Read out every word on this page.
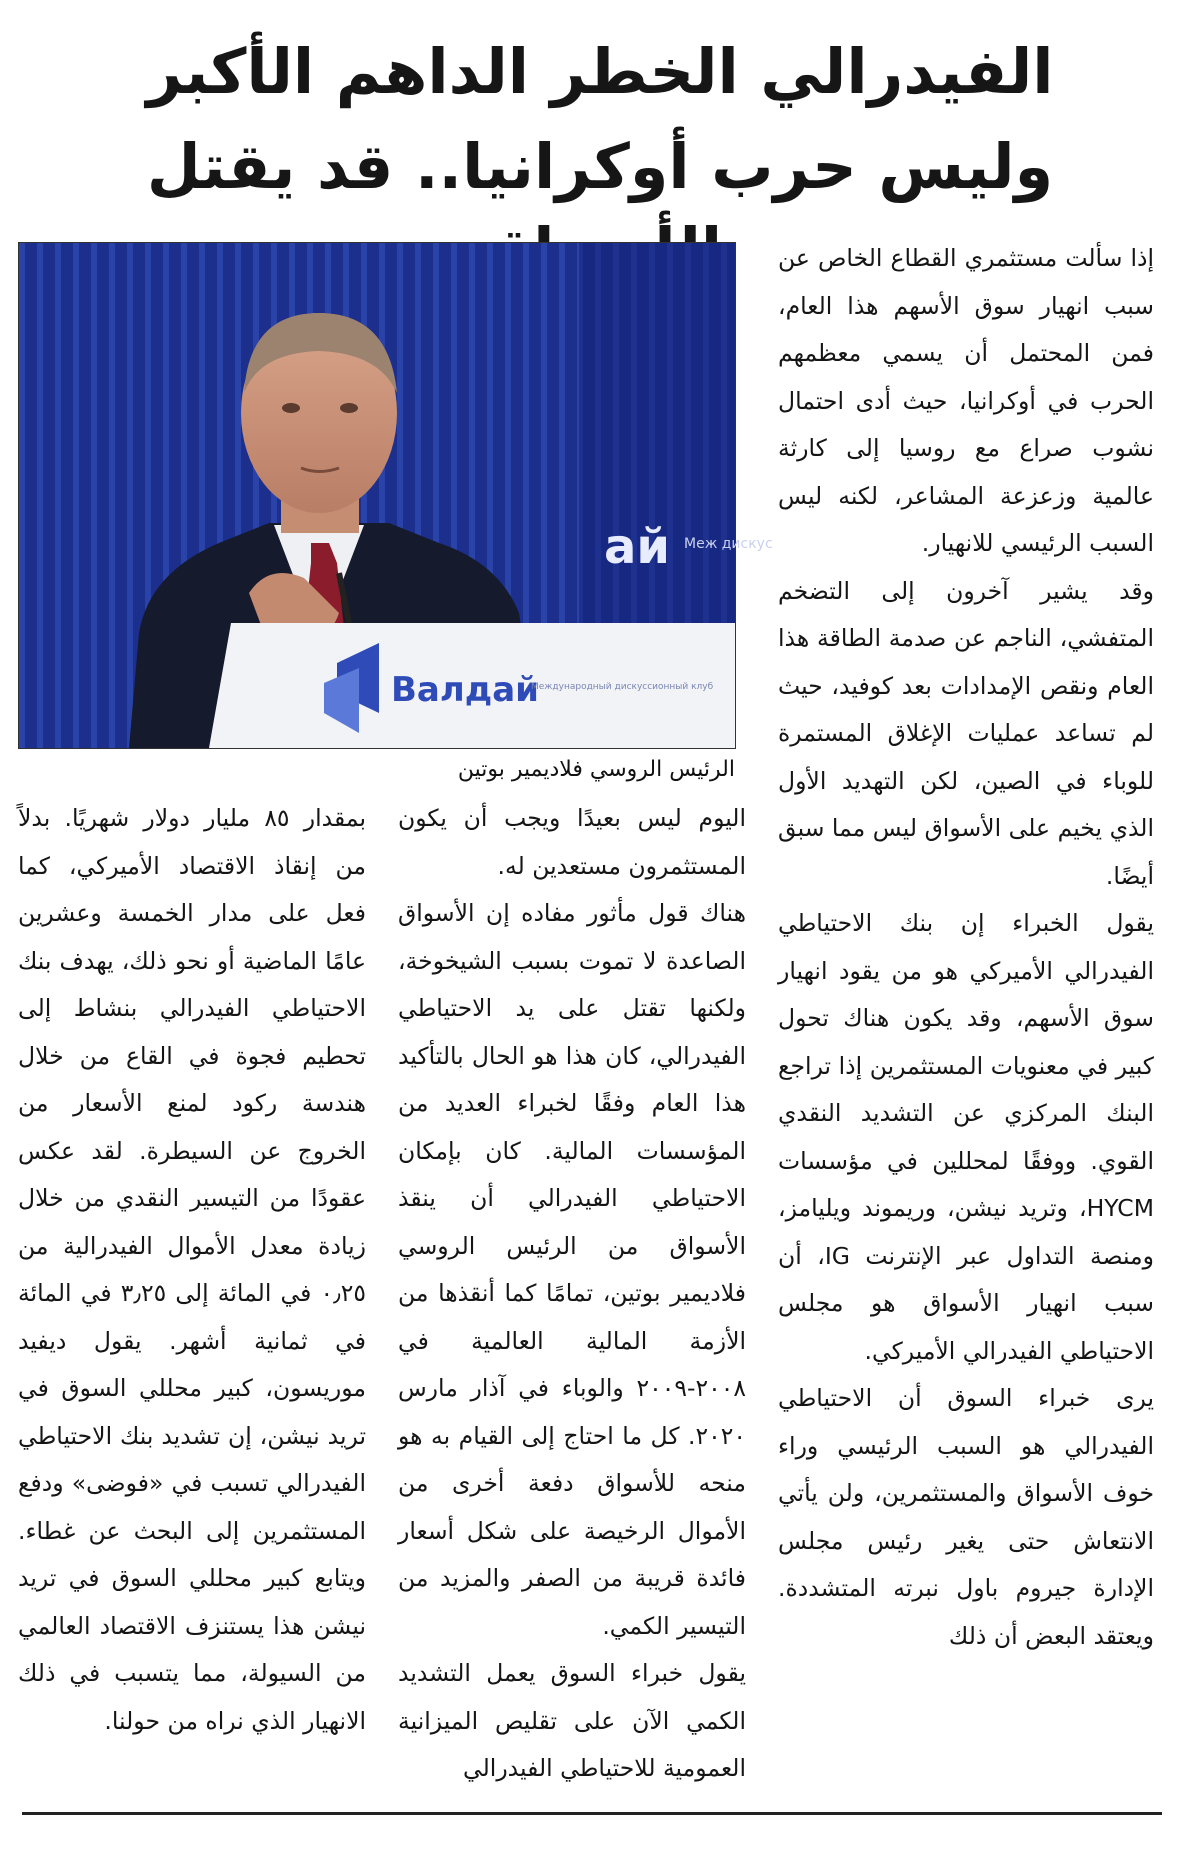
الفيدرالي الخطر الداهم الأكبر
وليس حرب أوكرانيا.. قد يقتل
ай Меж дискус
Валдай
Международный дискуссионный клуб
الرئيس الروسي فلاديمير بوتين

إذا سألت مستثمري القطاع الخاص عن سبب انهيار سوق الأسهم هذا العام، فمن المحتمل أن يسمي معظمهم الحرب في أوكرانيا، حيث أدى احتمال نشوب صراع مع روسيا إلى كارثة عالمية وزعزعة المشاعر، لكنه ليس السبب الرئيسي للانهيار.

وقد يشير آخرون إلى التضخم المتفشي، الناجم عن صدمة الطاقة هذا العام ونقص الإمدادات بعد كوفيد، حيث لم تساعد عمليات الإغلاق المستمرة للوباء في الصين، لكن التهديد الأول الذي يخيم على الأسواق ليس مما سبق أيضًا.

يقول الخبراء إن بنك الاحتياطي الفيدرالي الأميركي هو من يقود انهيار سوق الأسهم، وقد يكون هناك تحول كبير في معنويات المستثمرين إذا تراجع البنك المركزي عن التشديد النقدي القوي. ووفقًا لمحللين في مؤسسات HYCM، وتريد نيشن، وريموند ويليامز، ومنصة التداول عبر الإنترنت IG، أن سبب انهيار الأسواق هو مجلس الاحتياطي الفيدرالي الأميركي.

يرى خبراء السوق أن الاحتياطي الفيدرالي هو السبب الرئيسي وراء خوف الأسواق والمستثمرين، ولن يأتي الانتعاش حتى يغير رئيس مجلس الإدارة جيروم باول نبرته المتشددة. ويعتقد البعض أن ذلك

اليوم ليس بعيدًا ويجب أن يكون المستثمرون مستعدين له.

هناك قول مأثور مفاده إن الأسواق الصاعدة لا تموت بسبب الشيخوخة، ولكنها تقتل على يد الاحتياطي الفيدرالي، كان هذا هو الحال بالتأكيد هذا العام وفقًا لخبراء العديد من المؤسسات المالية. كان بإمكان الاحتياطي الفيدرالي أن ينقذ الأسواق من الرئيس الروسي فلاديمير بوتين، تمامًا كما أنقذها من الأزمة المالية العالمية في ٢٠٠٨-٢٠٠٩ والوباء في آذار مارس ٢٠٢٠. كل ما احتاج إلى القيام به هو منحه للأسواق دفعة أخرى من الأموال الرخيصة على شكل أسعار فائدة قريبة من الصفر والمزيد من التيسير الكمي.

يقول خبراء السوق يعمل التشديد الكمي الآن على تقليص الميزانية العمومية للاحتياطي الفيدرالي

بمقدار ٨٥ مليار دولار شهريًا. بدلاً من إنقاذ الاقتصاد الأميركي، كما فعل على مدار الخمسة وعشرين عامًا الماضية أو نحو ذلك، يهدف بنك الاحتياطي الفيدرالي بنشاط إلى تحطيم فجوة في القاع من خلال هندسة ركود لمنع الأسعار من الخروج عن السيطرة. لقد عكس عقودًا من التيسير النقدي من خلال زيادة معدل الأموال الفيدرالية من ٠٫٢٥ في المائة إلى ٣٫٢٥ في المائة في ثمانية أشهر. يقول ديفيد موريسون، كبير محللي السوق في تريد نيشن، إن تشديد بنك الاحتياطي الفيدرالي تسبب في «فوضى» ودفع المستثمرين إلى البحث عن غطاء. ويتابع كبير محللي السوق في تريد نيشن هذا يستنزف الاقتصاد العالمي من السيولة، مما يتسبب في ذلك الانهيار الذي نراه من حولنا.
